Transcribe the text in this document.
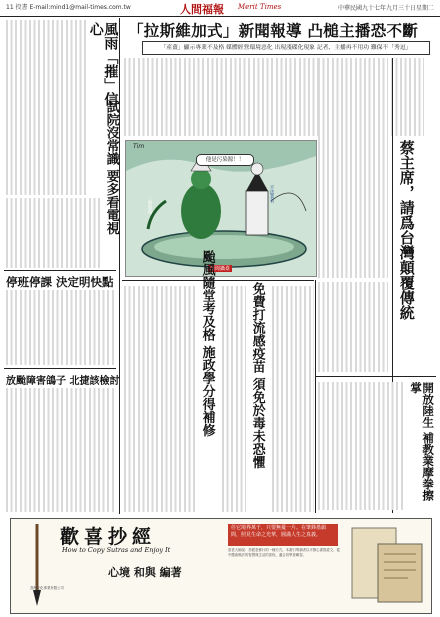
11 投書 E-mail:mind1@mail-times.com.tw	人間福報 Merit Times	中華民國九十七年九月三十日星期二
風雨「摧」信心
試院沒常識 要多看電視
停班停課 決定明快點
放颱障害鴿子 北捷該檢討
「拉斯維加式」新聞報導 凸槌主播恐不斷
「產薑」顯示專業不及格 媒體經營環境惡化 出現淺碟化現象 記者、主播再不用功 難保不「秀逗」
他是污染源！！
三聚氰胺
不法業者
新聞攝臺
Tim	蔡主席，請爲台灣顛覆傳統
開放陸生 補教業摩拳擦掌
颱風隨堂考及格 施政學分得補修	免費打流感疫苗 須免於毒未恐懼
歡喜抄經
How to Copy Sutras and Enjoy It
心境 和與 編著
任它境界萬千，只要無憂一片。在筆鋒墨韻間，照見生命之光華，圓滿人生之真義。
星雲大師說：抄經是修行的一種方式。本書引導讀者以平靜心書寫經文，從中體會佛法的智慧與生活的喜悅，適合初學者練習。
香海文化事業有限公司
